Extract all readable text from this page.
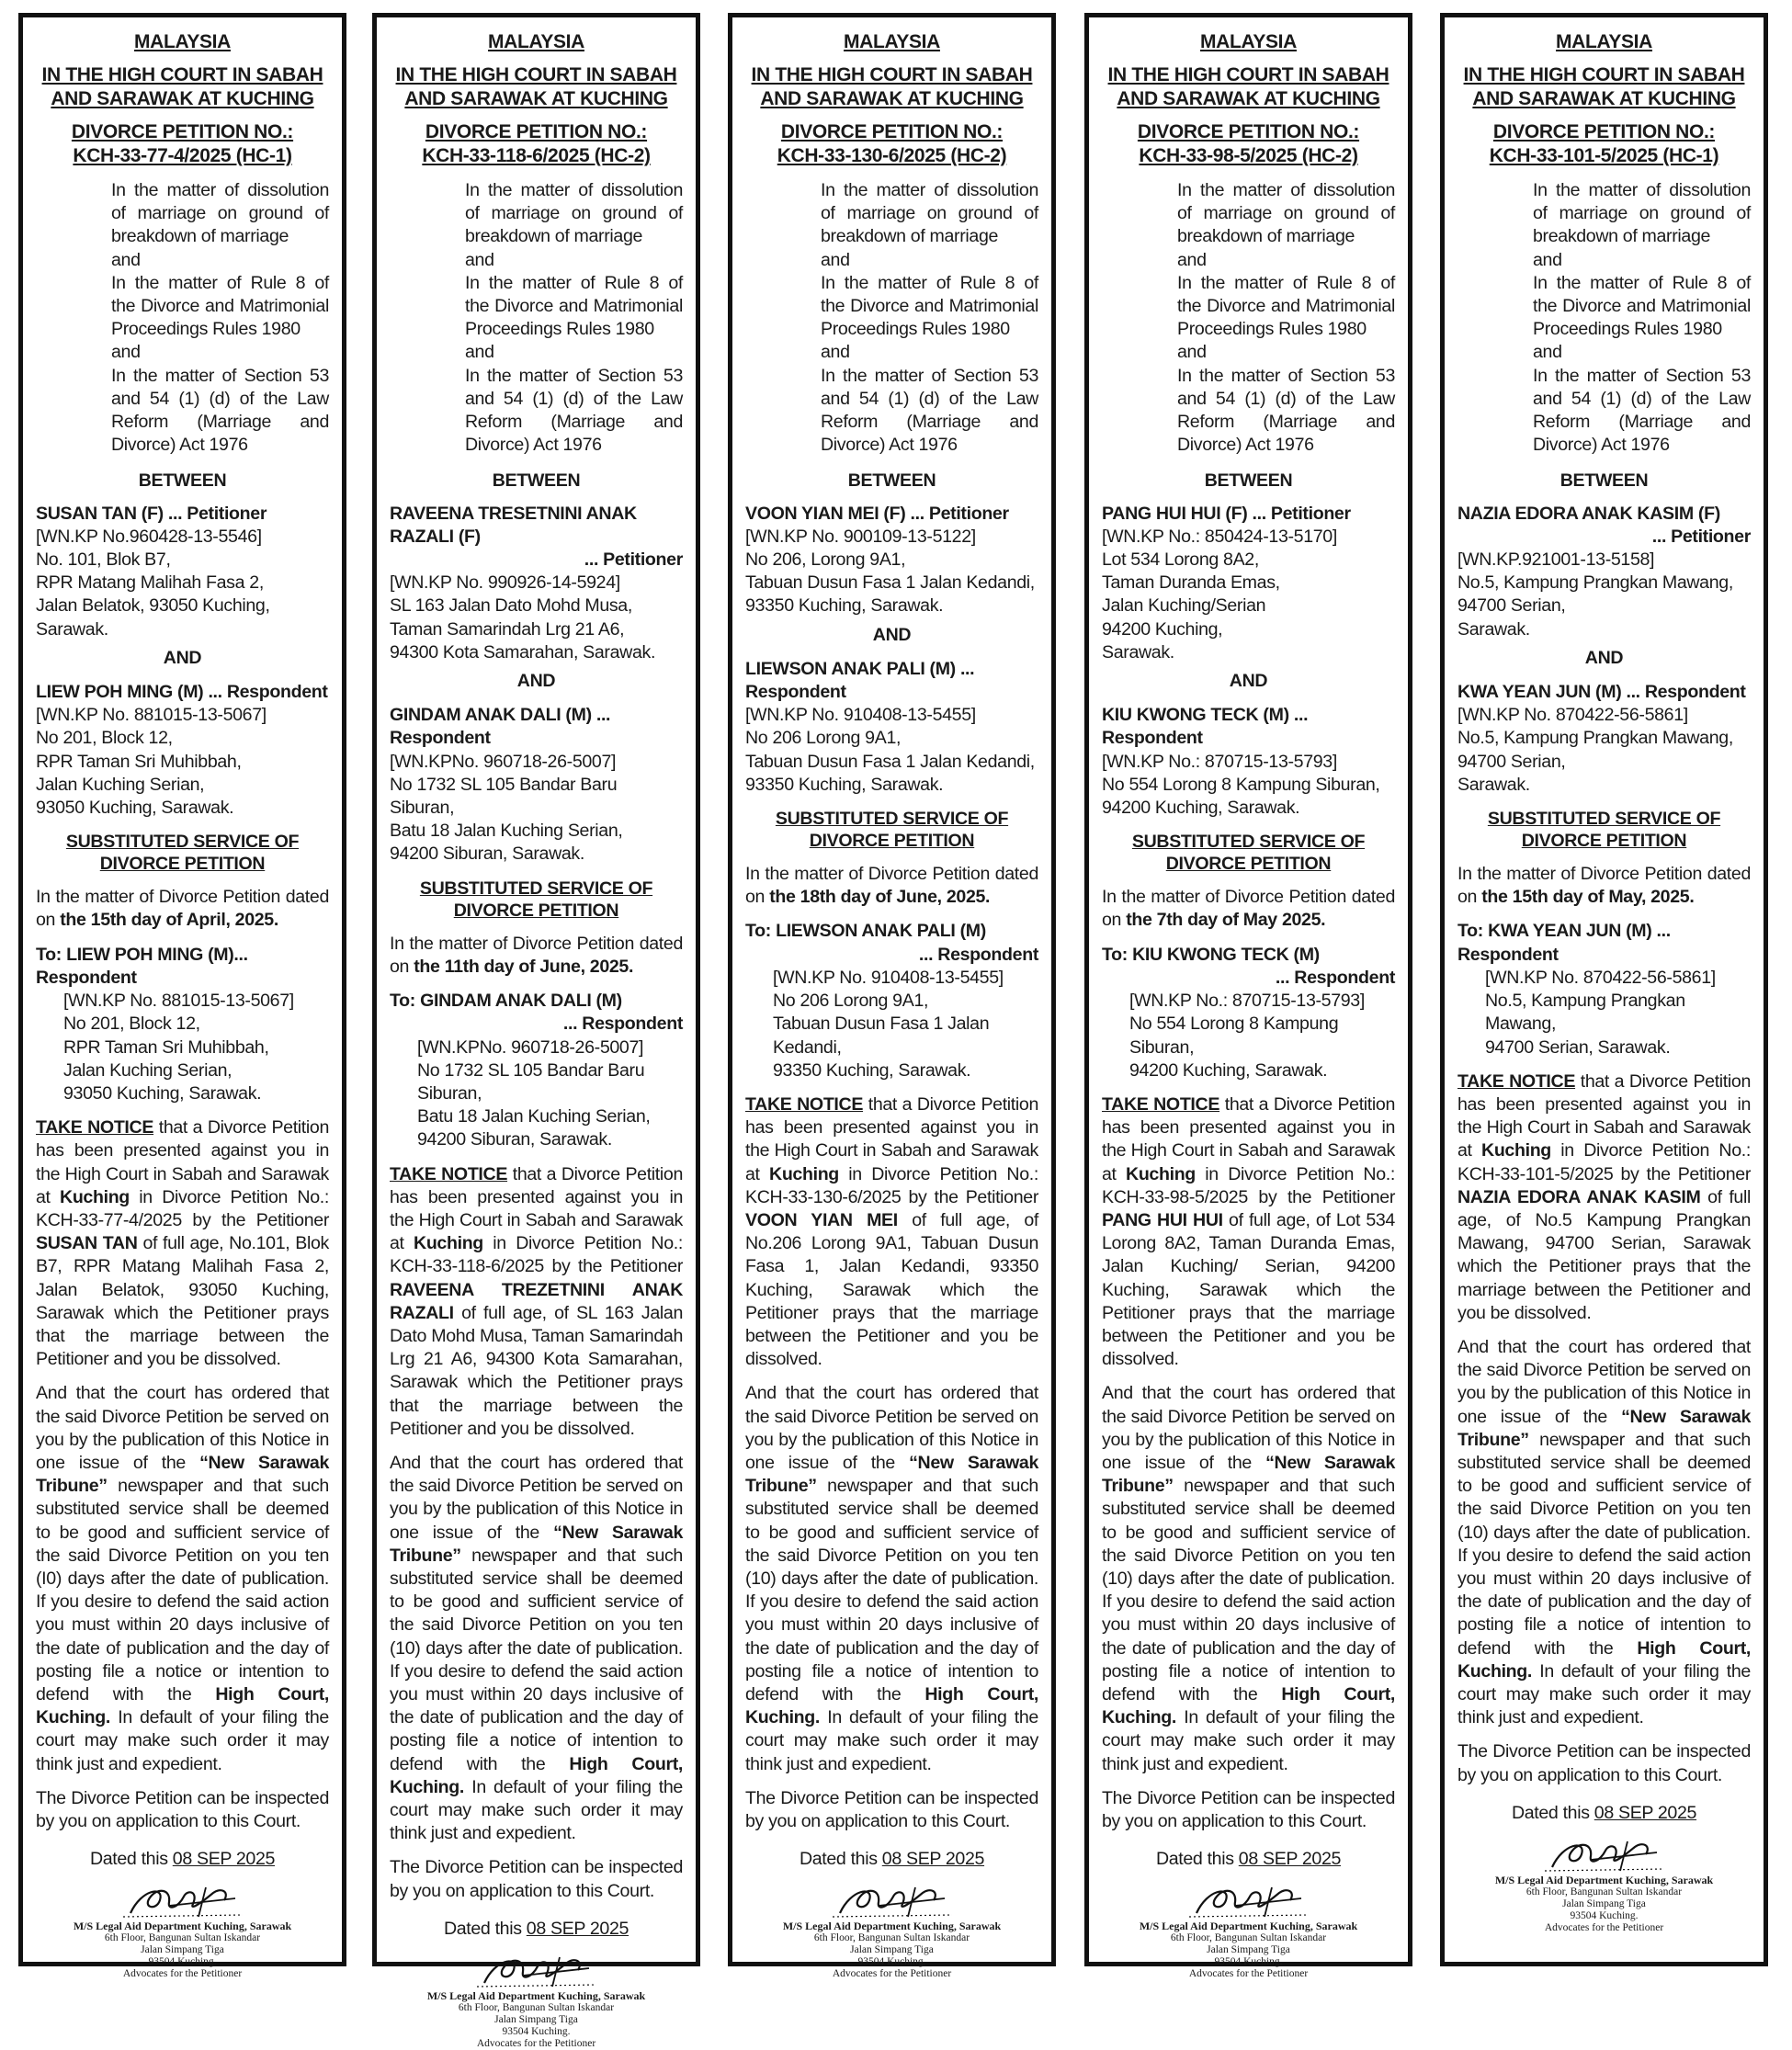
MALAYSIA
IN THE HIGH COURT IN SABAH
AND SARAWAK AT KUCHING
DIVORCE PETITION NO.:
KCH-33-77-4/2025 (HC-1)
In the matter of dissolution of marriage on ground of breakdown of marriage
and
In the matter of Rule 8 of the Divorce and Matrimonial Proceedings Rules 1980
and
In the matter of Section 53 and 54 (1) (d) of the Law Reform (Marriage and Divorce) Act 1976
BETWEEN
SUSAN TAN (F) ... Petitioner
[WN.KP No.960428-13-5546]
No. 101, Blok B7,
RPR Matang Malihah Fasa 2,
Jalan Belatok, 93050 Kuching,
Sarawak.
AND
LIEW POH MING (M) ... Respondent
[WN.KP No. 881015-13-5067]
No 201, Block 12,
RPR Taman Sri Muhibbah,
Jalan Kuching Serian,
93050 Kuching, Sarawak.
SUBSTITUTED SERVICE OF
DIVORCE PETITION
In the matter of Divorce Petition dated on the 15th day of April, 2025.
To: LIEW POH MING (M)... Respondent
[WN.KP No. 881015-13-5067]
No 201, Block 12,
RPR Taman Sri Muhibbah,
Jalan Kuching Serian,
93050 Kuching, Sarawak.
TAKE NOTICE that a Divorce Petition has been presented against you in the High Court in Sabah and Sarawak at Kuching in Divorce Petition No.: KCH-33-77-4/2025 by the Petitioner SUSAN TAN of full age, No.101, Blok B7, RPR Matang Malihah Fasa 2, Jalan Belatok, 93050 Kuching, Sarawak which the Petitioner prays that the marriage between the Petitioner and you be dissolved.
And that the court has ordered that the said Divorce Petition be served on you by the publication of this Notice in one issue of the “New Sarawak Tribune” newspaper and that such substituted service shall be deemed to be good and sufficient service of the said Divorce Petition on you ten (I0) days after the date of publication. If you desire to defend the said action you must within 20 days inclusive of the date of publication and the day of posting file a notice or intention to defend with the High Court, Kuching. In default of your filing the court may make such order it may think just and expedient.
The Divorce Petition can be inspected by you on application to this Court.
Dated this 08 SEP 2025
M/S Legal Aid Department Kuching, Sarawak
6th Floor, Bangunan Sultan Iskandar
Jalan Simpang Tiga
93504 Kuching.
Advocates for the Petitioner
MALAYSIA
IN THE HIGH COURT IN SABAH
AND SARAWAK AT KUCHING
DIVORCE PETITION NO.:
KCH-33-118-6/2025 (HC-2)
In the matter of dissolution of marriage on ground of breakdown of marriage
and
In the matter of Rule 8 of the Divorce and Matrimonial Proceedings Rules 1980
and
In the matter of Section 53 and 54 (1) (d) of the Law Reform (Marriage and Divorce) Act 1976
BETWEEN
RAVEENA TRESETNINI ANAK RAZALI (F)
... Petitioner
[WN.KP No. 990926-14-5924]
SL 163 Jalan Dato Mohd Musa,
Taman Samarindah Lrg 21 A6,
94300 Kota Samarahan, Sarawak.
AND
GINDAM ANAK DALI (M) ... Respondent
[WN.KPNo. 960718-26-5007]
No 1732 SL 105 Bandar Baru Siburan,
Batu 18 Jalan Kuching Serian,
94200 Siburan, Sarawak.
SUBSTITUTED SERVICE OF
DIVORCE PETITION
In the matter of Divorce Petition dated on the 11th day of June, 2025.
To: GINDAM ANAK DALI (M)
... Respondent
[WN.KPNo. 960718-26-5007]
No 1732 SL 105 Bandar Baru Siburan,
Batu 18 Jalan Kuching Serian,
94200 Siburan, Sarawak.
TAKE NOTICE that a Divorce Petition has been presented against you in the High Court in Sabah and Sarawak at Kuching in Divorce Petition No.: KCH-33-118-6/2025 by the Petitioner RAVEENA TREZETNINI ANAK RAZALI of full age, of SL 163 Jalan Dato Mohd Musa, Taman Samarindah Lrg 21 A6, 94300 Kota Samarahan, Sarawak which the Petitioner prays that the marriage between the Petitioner and you be dissolved.
And that the court has ordered that the said Divorce Petition be served on you by the publication of this Notice in one issue of the “New Sarawak Tribune” newspaper and that such substituted service shall be deemed to be good and sufficient service of the said Divorce Petition on you ten (10) days after the date of publication. If you desire to defend the said action you must within 20 days inclusive of the date of publication and the day of posting file a notice of intention to defend with the High Court, Kuching. In default of your filing the court may make such order it may think just and expedient.
The Divorce Petition can be inspected by you on application to this Court.
Dated this 08 SEP 2025
M/S Legal Aid Department Kuching, Sarawak
6th Floor, Bangunan Sultan Iskandar
Jalan Simpang Tiga
93504 Kuching.
Advocates for the Petitioner
MALAYSIA
IN THE HIGH COURT IN SABAH
AND SARAWAK AT KUCHING
DIVORCE PETITION NO.:
KCH-33-130-6/2025 (HC-2)
In the matter of dissolution of marriage on ground of breakdown of marriage
and
In the matter of Rule 8 of the Divorce and Matrimonial Proceedings Rules 1980
and
In the matter of Section 53 and 54 (1) (d) of the Law Reform (Marriage and Divorce) Act 1976
BETWEEN
VOON YIAN MEI (F) ... Petitioner
[WN.KP No. 900109-13-5122]
No 206, Lorong 9A1,
Tabuan Dusun Fasa 1 Jalan Kedandi,
93350 Kuching, Sarawak.
AND
LIEWSON ANAK PALI (M) ... Respondent
[WN.KP No. 910408-13-5455]
No 206 Lorong 9A1,
Tabuan Dusun Fasa 1 Jalan Kedandi,
93350 Kuching, Sarawak.
SUBSTITUTED SERVICE OF
DIVORCE PETITION
In the matter of Divorce Petition dated on the 18th day of June, 2025.
To: LIEWSON ANAK PALI (M)
... Respondent
[WN.KP No. 910408-13-5455]
No 206 Lorong 9A1,
Tabuan Dusun Fasa 1 Jalan Kedandi,
93350 Kuching, Sarawak.
TAKE NOTICE that a Divorce Petition has been presented against you in the High Court in Sabah and Sarawak at Kuching in Divorce Petition No.: KCH-33-130-6/2025 by the Petitioner VOON YIAN MEI of full age, of No.206 Lorong 9A1, Tabuan Dusun Fasa 1, Jalan Kedandi, 93350 Kuching, Sarawak which the Petitioner prays that the marriage between the Petitioner and you be dissolved.
And that the court has ordered that the said Divorce Petition be served on you by the publication of this Notice in one issue of the “New Sarawak Tribune” newspaper and that such substituted service shall be deemed to be good and sufficient service of the said Divorce Petition on you ten (10) days after the date of publication. If you desire to defend the said action you must within 20 days inclusive of the date of publication and the day of posting file a notice of intention to defend with the High Court, Kuching. In default of your filing the court may make such order it may think just and expedient.
The Divorce Petition can be inspected by you on application to this Court.
Dated this 08 SEP 2025
M/S Legal Aid Department Kuching, Sarawak
6th Floor, Bangunan Sultan Iskandar
Jalan Simpang Tiga
93504 Kuching.
Advocates for the Petitioner
MALAYSIA
IN THE HIGH COURT IN SABAH
AND SARAWAK AT KUCHING
DIVORCE PETITION NO.:
KCH-33-98-5/2025 (HC-2)
In the matter of dissolution of marriage on ground of breakdown of marriage
and
In the matter of Rule 8 of the Divorce and Matrimonial Proceedings Rules 1980
and
In the matter of Section 53 and 54 (1) (d) of the Law Reform (Marriage and Divorce) Act 1976
BETWEEN
PANG HUI HUI (F) ... Petitioner
[WN.KP No.: 850424-13-5170]
Lot 534 Lorong 8A2,
Taman Duranda Emas,
Jalan Kuching/Serian
94200 Kuching,
Sarawak.
AND
KIU KWONG TECK (M) ... Respondent
[WN.KP No.: 870715-13-5793]
No 554 Lorong 8 Kampung Siburan,
94200 Kuching, Sarawak.
SUBSTITUTED SERVICE OF
DIVORCE PETITION
In the matter of Divorce Petition dated on the 7th day of May 2025.
To: KIU KWONG TECK (M)
... Respondent
[WN.KP No.: 870715-13-5793]
No 554 Lorong 8 Kampung Siburan,
94200 Kuching, Sarawak.
TAKE NOTICE that a Divorce Petition has been presented against you in the High Court in Sabah and Sarawak at Kuching in Divorce Petition No.: KCH-33-98-5/2025 by the Petitioner PANG HUI HUI of full age, of Lot 534 Lorong 8A2, Taman Duranda Emas, Jalan Kuching/ Serian, 94200 Kuching, Sarawak which the Petitioner prays that the marriage between the Petitioner and you be dissolved.
And that the court has ordered that the said Divorce Petition be served on you by the publication of this Notice in one issue of the “New Sarawak Tribune” newspaper and that such substituted service shall be deemed to be good and sufficient service of the said Divorce Petition on you ten (10) days after the date of publication. If you desire to defend the said action you must within 20 days inclusive of the date of publication and the day of posting file a notice of intention to defend with the High Court, Kuching. In default of your filing the court may make such order it may think just and expedient.
The Divorce Petition can be inspected by you on application to this Court.
Dated this 08 SEP 2025
M/S Legal Aid Department Kuching, Sarawak
6th Floor, Bangunan Sultan Iskandar
Jalan Simpang Tiga
93504 Kuching.
Advocates for the Petitioner
MALAYSIA
IN THE HIGH COURT IN SABAH
AND SARAWAK AT KUCHING
DIVORCE PETITION NO.:
KCH-33-101-5/2025 (HC-1)
In the matter of dissolution of marriage on ground of breakdown of marriage
and
In the matter of Rule 8 of the Divorce and Matrimonial Proceedings Rules 1980
and
In the matter of Section 53 and 54 (1) (d) of the Law Reform (Marriage and Divorce) Act 1976
BETWEEN
NAZIA EDORA ANAK KASIM (F)
... Petitioner
[WN.KP.921001-13-5158]
No.5, Kampung Prangkan Mawang,
94700 Serian,
Sarawak.
AND
KWA YEAN JUN (M) ... Respondent
[WN.KP No. 870422-56-5861]
No.5, Kampung Prangkan Mawang,
94700 Serian,
Sarawak.
SUBSTITUTED SERVICE OF
DIVORCE PETITION
In the matter of Divorce Petition dated on the 15th day of May, 2025.
To: KWA YEAN JUN (M) ... Respondent
[WN.KP No. 870422-56-5861]
No.5, Kampung Prangkan Mawang,
94700 Serian, Sarawak.
TAKE NOTICE that a Divorce Petition has been presented against you in the High Court in Sabah and Sarawak at Kuching in Divorce Petition No.: KCH-33-101-5/2025 by the Petitioner NAZIA EDORA ANAK KASIM of full age, of No.5 Kampung Prangkan Mawang, 94700 Serian, Sarawak which the Petitioner prays that the marriage between the Petitioner and you be dissolved.
And that the court has ordered that the said Divorce Petition be served on you by the publication of this Notice in one issue of the “New Sarawak Tribune” newspaper and that such substituted service shall be deemed to be good and sufficient service of the said Divorce Petition on you ten (10) days after the date of publication. If you desire to defend the said action you must within 20 days inclusive of the date of publication and the day of posting file a notice of intention to defend with the High Court, Kuching. In default of your filing the court may make such order it may think just and expedient.
The Divorce Petition can be inspected by you on application to this Court.
Dated this 08 SEP 2025
M/S Legal Aid Department Kuching, Sarawak
6th Floor, Bangunan Sultan Iskandar
Jalan Simpang Tiga
93504 Kuching.
Advocates for the Petitioner
